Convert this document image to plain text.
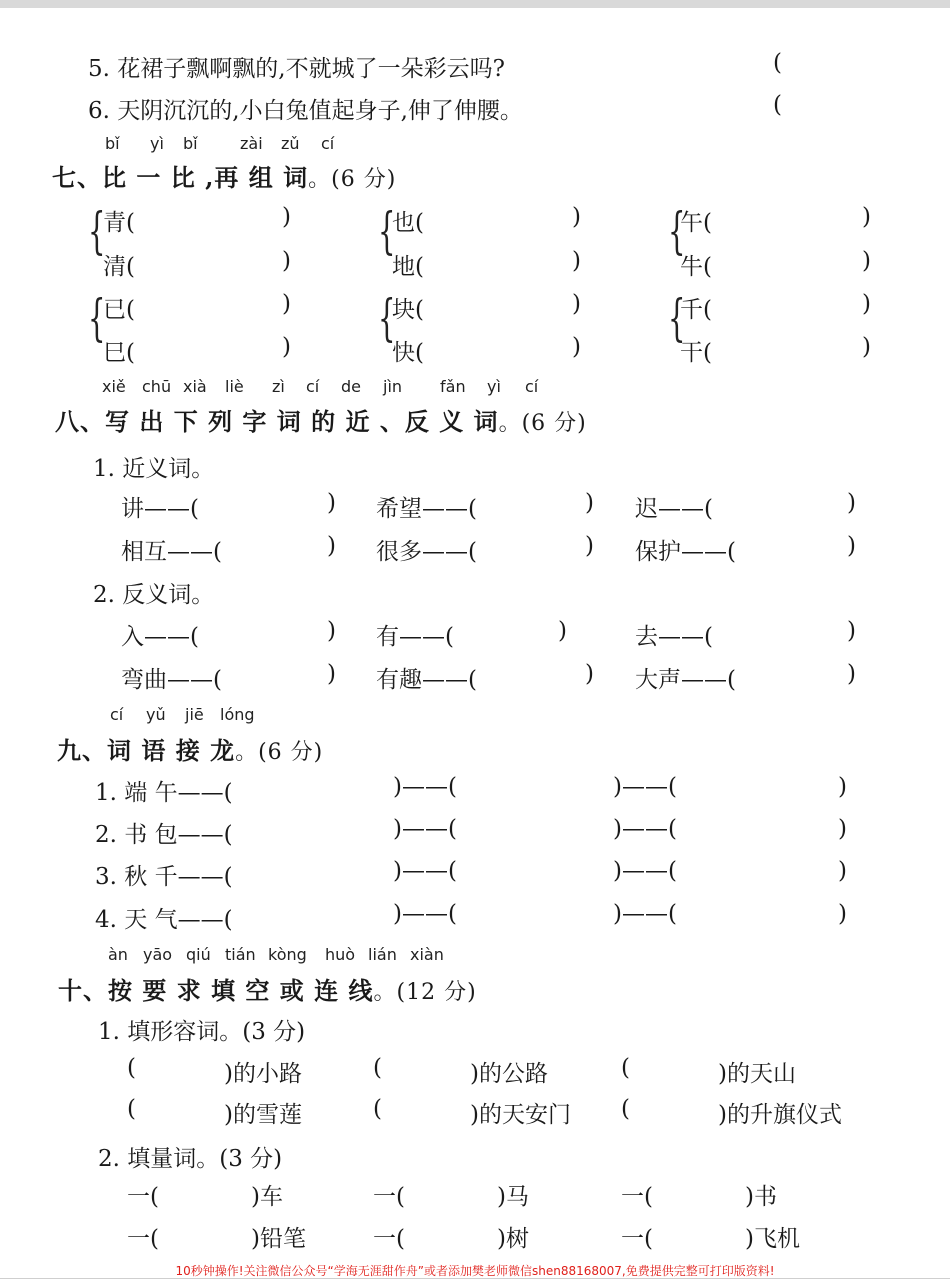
5. 花裙子飘啊飘的,不就城了一朵彩云吗?	(
6. 天阴沉沉的,小白兔值起身子,伸了伸腰。	(
bǐ yì bǐ	zài zǔ cí
七、比 一 比 ,再 组 词。(6 分)
{	{	{
{	{	{
青(	)	也(	)	午(	)
清(	)	地(	)	牛(	)
已(	)	块(	)	千(	)
巳(	)	快(	)	干(	)
xiě chū xià liè zì cí de jìn fǎn yì cí
八、写 出 下 列 字 词 的 近 、反 义 词。(6 分)
1. 近义词。
讲——(	) 希望——(	) 迟——(	)
相互——(	) 很多——(	) 保护——(	)
2. 反义词。
入——(	) 有——(	)	去——(	)
弯曲——(	) 有趣——(	) 大声——(	)
cí yǔ jiē lóng
九、词 语 接 龙。(6 分)
1. 端 午——(	)——(	)——(	)
2. 书 包——(	)——(	)——(	)
3. 秋 千——(	)——(	)——(	)
4. 天 气——(	)——(	)——(	)
àn yāo qiú tián kòng huò lián xiàn
十、按 要 求 填 空 或 连 线。(12 分)
1. 填形容词。(3 分)
(	)的小路	(	)的公路	(	)的天山
(	)的雪莲	(	)的天安门 (	)的升旗仪式
2. 填量词。(3 分)
一(	)车	一(	)马	一(	)书
一(	)铅笔	一(	)树	一(	)飞机
10秒钟操作!关注微信公众号“学海无涯甜作舟”或者添加樊老师微信shen88168007,免费提供完整可打印版资料!
